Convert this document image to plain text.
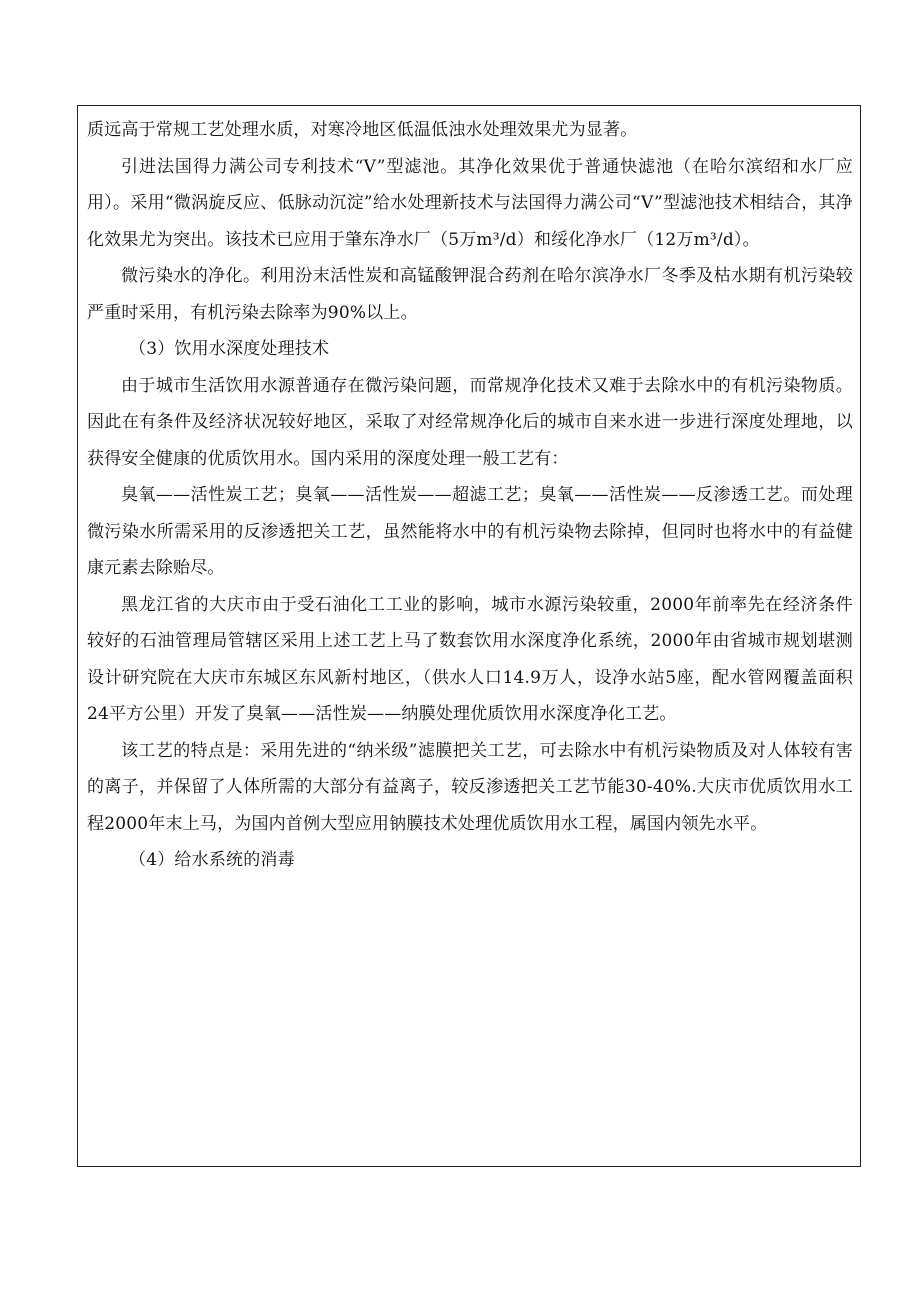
质远高于常规工艺处理水质，对寒冷地区低温低浊水处理效果尤为显著。

引进法国得力满公司专利技术“V”型滤池。其净化效果优于普通快滤池（在哈尔滨绍和水厂应用）。采用“微涡旋反应、低脉动沉淀”给水处理新技术与法国得力满公司“V”型滤池技术相结合，其净化效果尤为突出。该技术已应用于肇东净水厂（5万m³/d）和绥化净水厂（12万m³/d）。

微污染水的净化。利用汾末活性炭和高锰酸钾混合药剂在哈尔滨净水厂冬季及枯水期有机污染较严重时采用，有机污染去除率为90%以上。

（3）饮用水深度处理技术

由于城市生活饮用水源普通存在微污染问题，而常规净化技术又难于去除水中的有机污染物质。因此在有条件及经济状况较好地区，采取了对经常规净化后的城市自来水进一步进行深度处理地，以获得安全健康的优质饮用水。国内采用的深度处理一般工艺有：

臭氧——活性炭工艺；臭氧——活性炭——超滤工艺；臭氧——活性炭——反渗透工艺。而处理微污染水所需采用的反渗透把关工艺，虽然能将水中的有机污染物去除掉，但同时也将水中的有益健康元素去除贻尽。

黑龙江省的大庆市由于受石油化工工业的影响，城市水源污染较重，2000年前率先在经济条件较好的石油管理局管辖区采用上述工艺上马了数套饮用水深度净化系统，2000年由省城市规划堪测设计研究院在大庆市东城区东风新村地区，（供水人口14.9万人，设净水站5座，配水管网覆盖面积24平方公里）开发了臭氧——活性炭——纳膜处理优质饮用水深度净化工艺。

该工艺的特点是：采用先进的“纳米级”滤膜把关工艺，可去除水中有机污染物质及对人体较有害的离子，并保留了人体所需的大部分有益离子，较反渗透把关工艺节能30-40%.大庆市优质饮用水工程2000年末上马，为国内首例大型应用钠膜技术处理优质饮用水工程，属国内领先水平。

（4）给水系统的消毒
